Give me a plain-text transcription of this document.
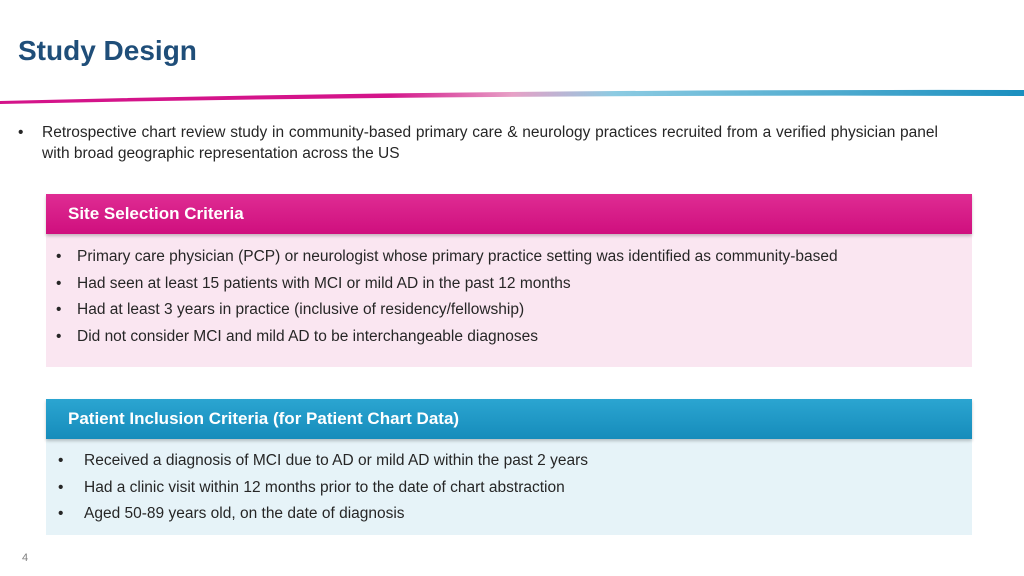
Study Design
• Retrospective chart review study in community-based primary care & neurology practices recruited from a verified physician panel with broad geographic representation across the US
Site Selection Criteria
• Primary care physician (PCP) or neurologist whose primary practice setting was identified as community-based
• Had seen at least 15 patients with MCI or mild AD in the past 12 months
• Had at least 3 years in practice (inclusive of residency/fellowship)
• Did not consider MCI and mild AD to be interchangeable diagnoses
Patient Inclusion Criteria (for Patient Chart Data)
• Received a diagnosis of MCI due to AD or mild AD within the past 2 years
• Had a clinic visit within 12 months prior to the date of chart abstraction
• Aged 50-89 years old, on the date of diagnosis
4
